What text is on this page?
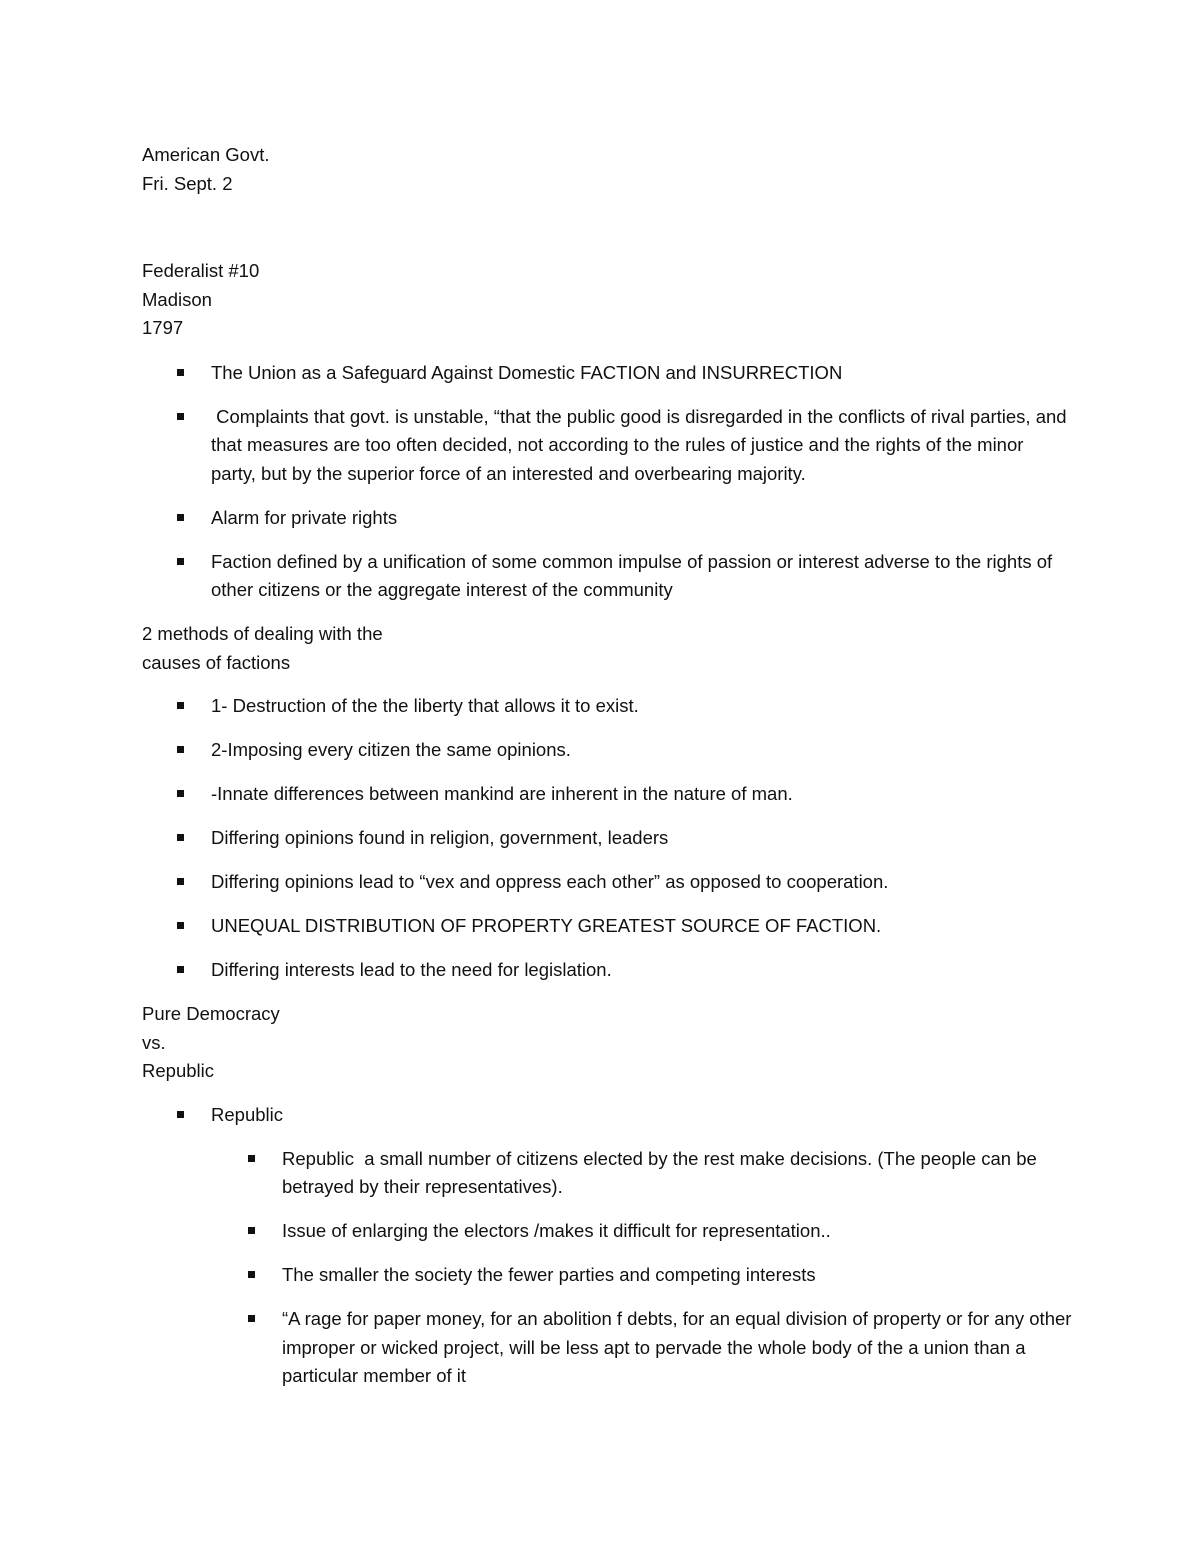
American Govt.
Fri. Sept. 2
Federalist #10
Madison
1797
The Union as a Safeguard Against Domestic FACTION and INSURRECTION
Complaints that govt. is unstable, “that the public good is disregarded in the conflicts of rival parties, and that measures are too often decided, not according to the rules of justice and the rights of the minor party, but by the superior force of an interested and overbearing majority.
Alarm for private rights
Faction defined by a unification of some common impulse of passion or interest adverse to the rights of other citizens or the aggregate interest of the community
2 methods of dealing with the
causes of factions
1- Destruction of the the liberty that allows it to exist.
2-Imposing every citizen the same opinions.
-Innate differences between mankind are inherent in the nature of man.
Differing opinions found in religion, government, leaders
Differing opinions lead to “vex and oppress each other” as opposed to cooperation.
UNEQUAL DISTRIBUTION OF PROPERTY GREATEST SOURCE OF FACTION.
Differing interests lead to the need for legislation.
Pure Democracy
vs.
Republic
Republic
Republic  a small number of citizens elected by the rest make decisions. (The people can be betrayed by their representatives).
Issue of enlarging the electors /makes it difficult for representation..
The smaller the society the fewer parties and competing interests
“A rage for paper money, for an abolition f debts, for an equal division of property or for any other improper or wicked project, will be less apt to pervade the whole body of the a union than a particular member of it
